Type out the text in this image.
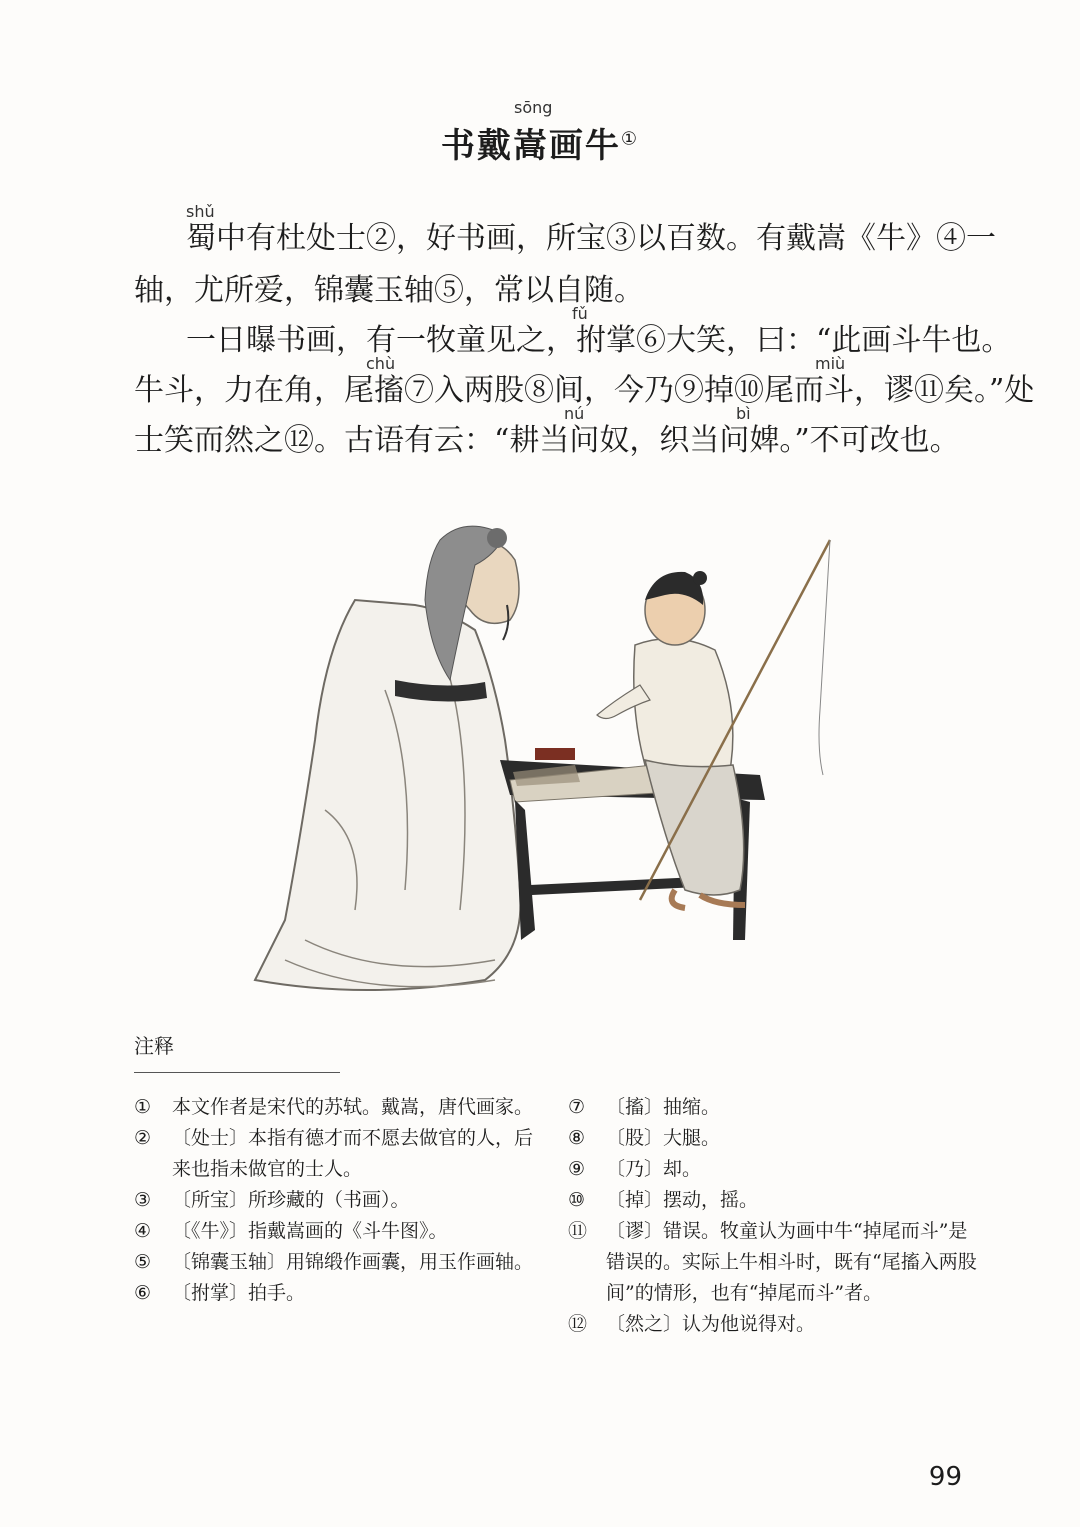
sōng
书戴嵩画牛①
shǔ
蜀中有杜处士②，好书画，所宝③以百数。有戴嵩《牛》④一
轴，尤所爱，锦囊玉轴⑤，常以自随。
fǔ
一日曝书画，有一牧童见之，拊掌⑥大笑，曰：“此画斗牛也。
chù	miù
牛斗，力在角，尾搐⑦入两股⑧间，今乃⑨掉⑩尾而斗，谬⑪矣。”处
nú	bì
士笑而然之⑫。古语有云：“耕当问奴，织当问婢。”不可改也。
注释
① 本文作者是宋代的苏轼。戴嵩，唐代画家。
② 〔处士〕本指有德才而不愿去做官的人，后来也指未做官的士人。
③ 〔所宝〕所珍藏的（书画）。
④ 〔《牛》〕指戴嵩画的《斗牛图》。
⑤ 〔锦囊玉轴〕用锦缎作画囊，用玉作画轴。
⑥ 〔拊掌〕拍手。
⑦ 〔搐〕抽缩。
⑧ 〔股〕大腿。
⑨ 〔乃〕却。
⑩ 〔掉〕摆动，摇。
⑪ 〔谬〕错误。牧童认为画中牛“掉尾而斗”是错误的。实际上牛相斗时，既有“尾搐入两股间”的情形，也有“掉尾而斗”者。
⑫ 〔然之〕认为他说得对。
99
